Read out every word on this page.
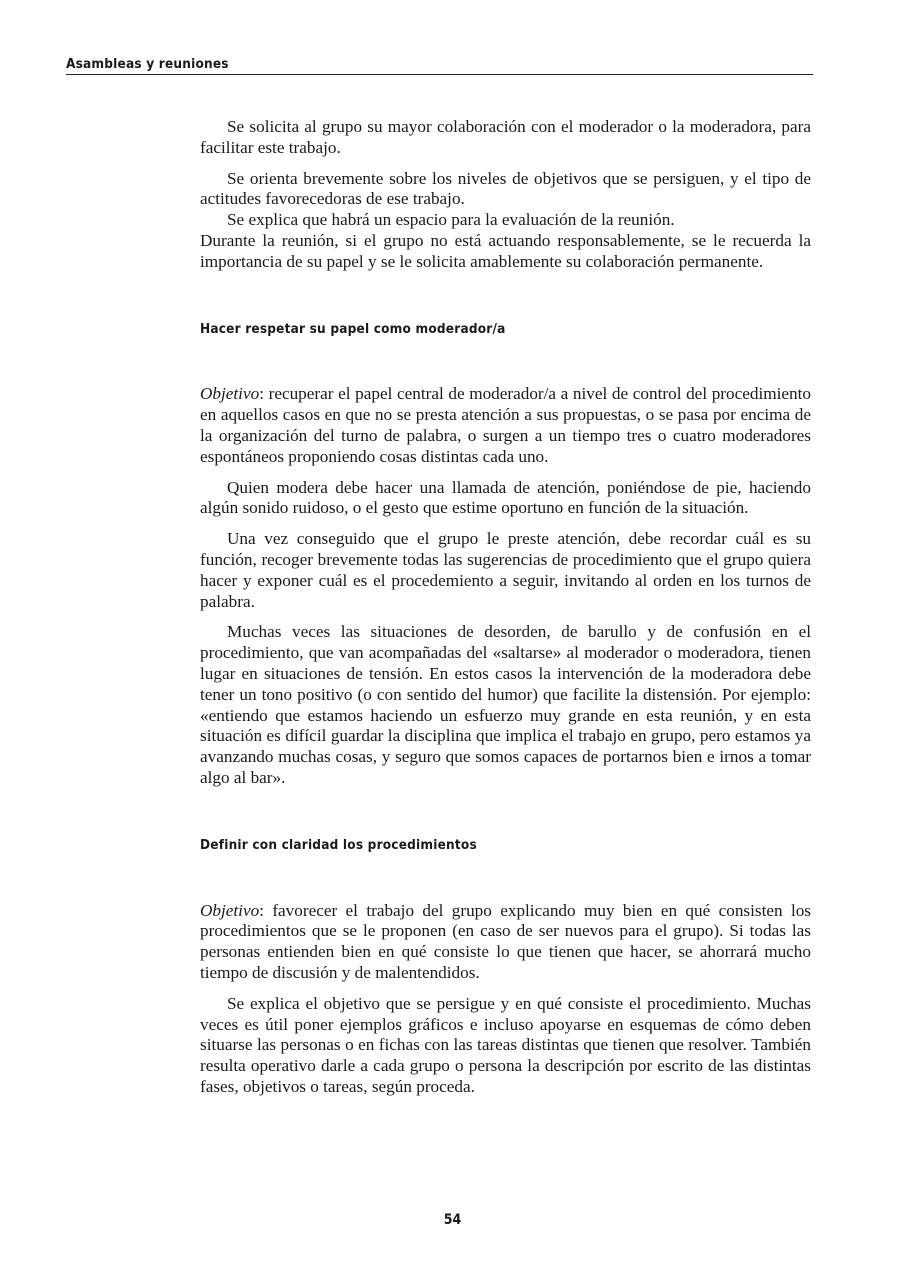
Asambleas y reuniones

Se solicita al grupo su mayor colaboración con el moderador o la moderadora, para facilitar este trabajo.

Se orienta brevemente sobre los niveles de objetivos que se persiguen, y el tipo de actitudes favorecedoras de ese trabajo.

Se explica que habrá un espacio para la evaluación de la reunión.

Durante la reunión, si el grupo no está actuando responsablemente, se le recuerda la importancia de su papel y se le solicita amablemente su colaboración permanente.

Hacer respetar su papel como moderador/a

Objetivo: recuperar el papel central de moderador/a a nivel de control del procedimiento en aquellos casos en que no se presta atención a sus propuestas, o se pasa por encima de la organización del turno de palabra, o surgen a un tiempo tres o cuatro moderadores espontáneos proponiendo cosas distintas cada uno.

Quien modera debe hacer una llamada de atención, poniéndose de pie, haciendo algún sonido ruidoso, o el gesto que estime oportuno en función de la situación.

Una vez conseguido que el grupo le preste atención, debe recordar cuál es su función, recoger brevemente todas las sugerencias de procedimiento que el grupo quiera hacer y exponer cuál es el procedemiento a seguir, invitando al orden en los turnos de palabra.

Muchas veces las situaciones de desorden, de barullo y de confusión en el procedimiento, que van acompañadas del «saltarse» al moderador o moderadora, tienen lugar en situaciones de tensión. En estos casos la intervención de la moderadora debe tener un tono positivo (o con sentido del humor) que facilite la distensión. Por ejemplo: «entiendo que estamos haciendo un esfuerzo muy grande en esta reunión, y en esta situación es difícil guardar la disciplina que implica el trabajo en grupo, pero estamos ya avanzando muchas cosas, y seguro que somos capaces de portarnos bien e irnos a tomar algo al bar».

Definir con claridad los procedimientos

Objetivo: favorecer el trabajo del grupo explicando muy bien en qué consisten los procedimientos que se le proponen (en caso de ser nuevos para el grupo). Si todas las personas entienden bien en qué consiste lo que tienen que hacer, se ahorrará mucho tiempo de discusión y de malentendidos.

Se explica el objetivo que se persigue y en qué consiste el procedimiento. Muchas veces es útil poner ejemplos gráficos e incluso apoyarse en esquemas de cómo deben situarse las personas o en fichas con las tareas distintas que tienen que resolver. También resulta operativo darle a cada grupo o persona la descripción por escrito de las distintas fases, objetivos o tareas, según proceda.

54
